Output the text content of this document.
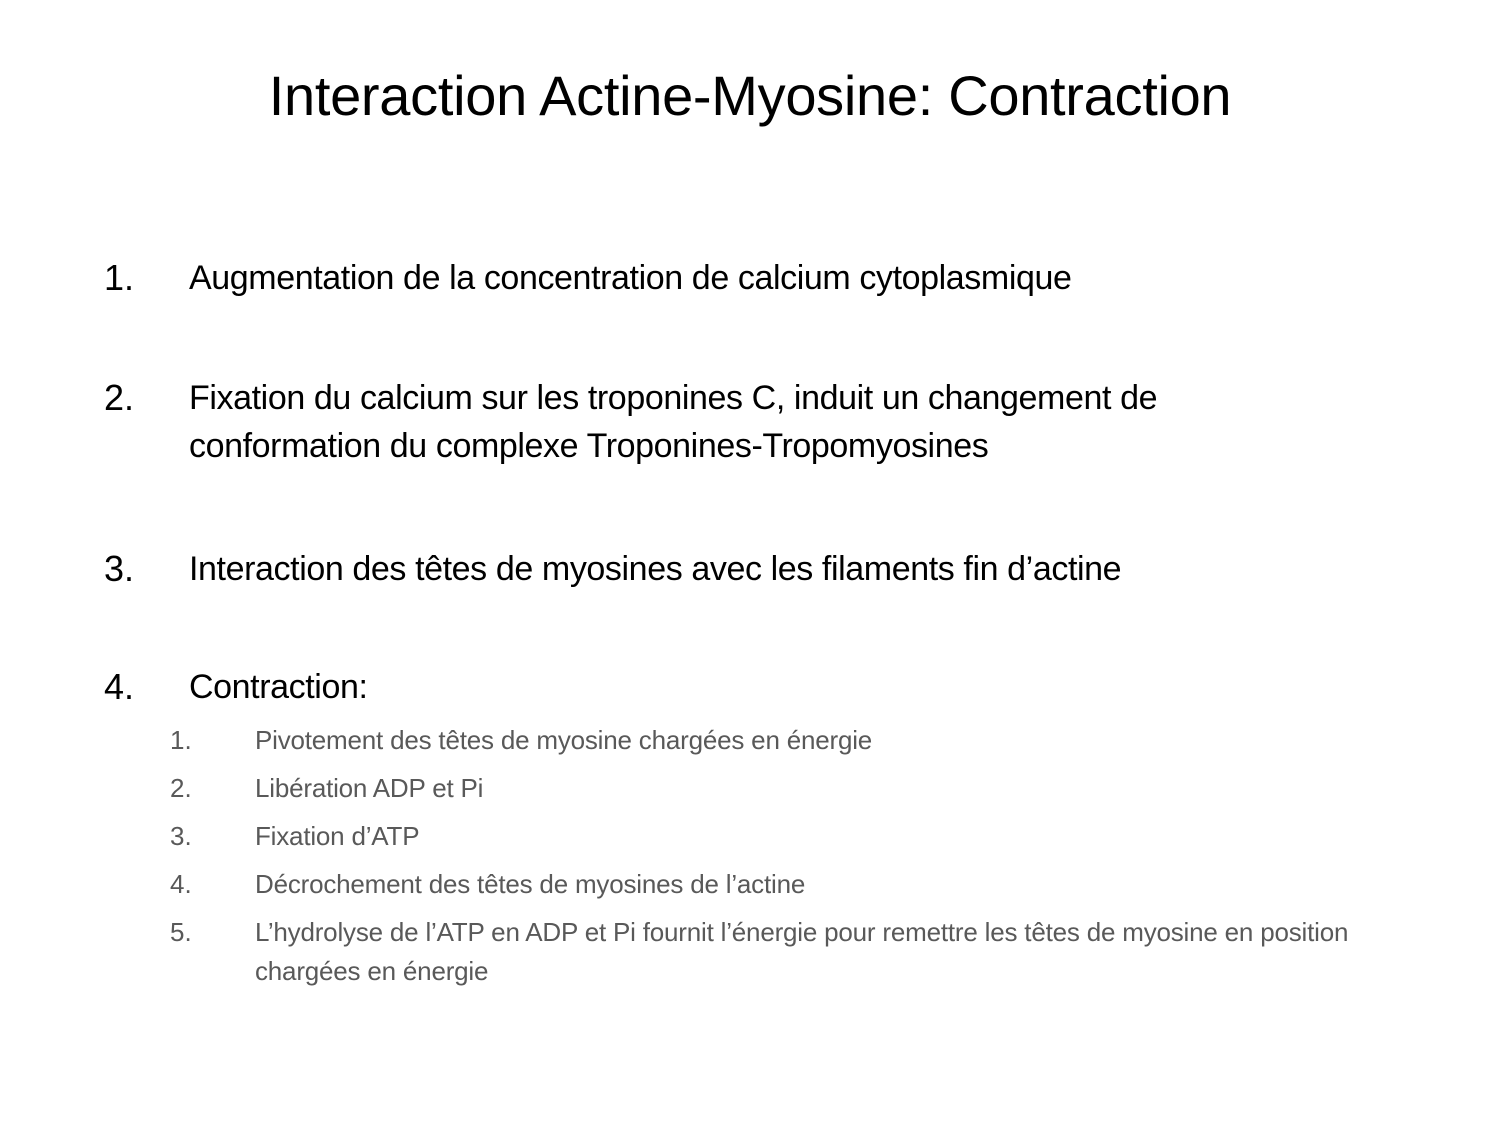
Interaction Actine-Myosine: Contraction
1. Augmentation de la concentration de calcium cytoplasmique
2. Fixation du calcium sur les troponines C, induit un changement de conformation du complexe Troponines-Tropomyosines
3. Interaction des têtes de myosines avec les filaments fin d’actine
4. Contraction:
1. Pivotement des têtes de myosine chargées en énergie
2. Libération ADP et Pi
3. Fixation d’ATP
4. Décrochement des têtes de myosines de l’actine
5. L’hydrolyse de l’ATP en ADP et Pi fournit l’énergie pour remettre les têtes de myosine en position chargées en énergie
